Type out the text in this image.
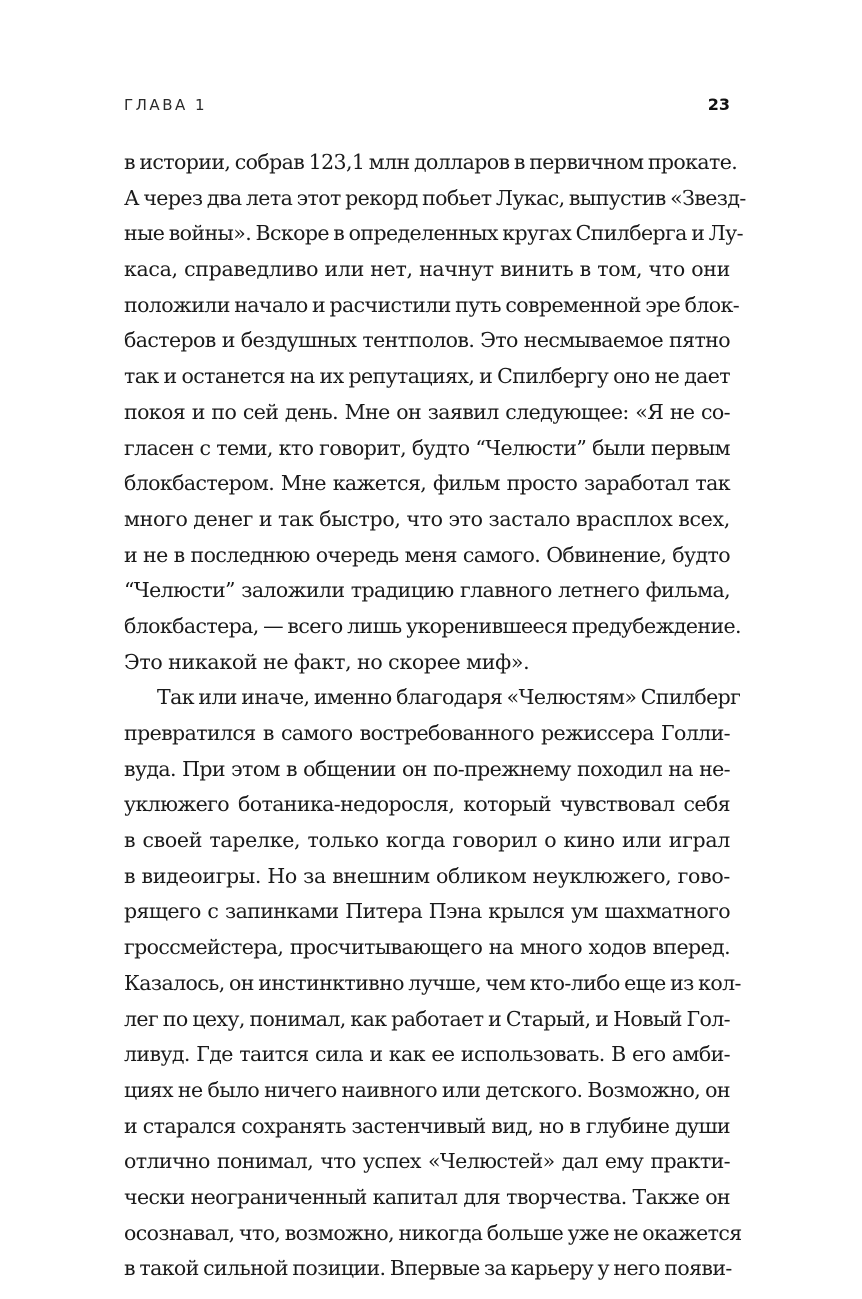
ГЛАВА 1	23
в истории, собрав 123,1 млн долларов в первичном прокате.
А через два лета этот рекорд побьет Лукас, выпустив «Звезд-
ные войны». Вскоре в определенных кругах Спилберга и Лу-
каса, справедливо или нет, начнут винить в том, что они
положили начало и расчистили путь современной эре блок-
бастеров и бездушных тентполов. Это несмываемое пятно
так и останется на их репутациях, и Спилбергу оно не дает
покоя и по сей день. Мне он заявил следующее: «Я не со-
гласен с теми, кто говорит, будто “Челюсти” были первым
блокбастером. Мне кажется, фильм просто заработал так
много денег и так быстро, что это застало врасплох всех,
и не в последнюю очередь меня самого. Обвинение, будто
“Челюсти” заложили традицию главного летнего фильма,
блокбастера, — всего лишь укоренившееся предубеждение.
Это никакой не факт, но скорее миф».
Так или иначе, именно благодаря «Челюстям» Спилберг
превратился в самого востребованного режиссера Голли-
вуда. При этом в общении он по-прежнему походил на не-
уклюжего ботаника-недоросля, который чувствовал себя
в своей тарелке, только когда говорил о кино или играл
в видеоигры. Но за внешним обликом неуклюжего, гово-
рящего с запинками Питера Пэна крылся ум шахматного
гроссмейстера, просчитывающего на много ходов вперед.
Казалось, он инстинктивно лучше, чем кто-либо еще из кол-
лег по цеху, понимал, как работает и Старый, и Новый Гол-
ливуд. Где таится сила и как ее использовать. В его амби-
циях не было ничего наивного или детского. Возможно, он
и старался сохранять застенчивый вид, но в глубине души
отлично понимал, что успех «Челюстей» дал ему практи-
чески неограниченный капитал для творчества. Также он
осознавал, что, возможно, никогда больше уже не окажется
в такой сильной позиции. Впервые за карьеру у него появи-
